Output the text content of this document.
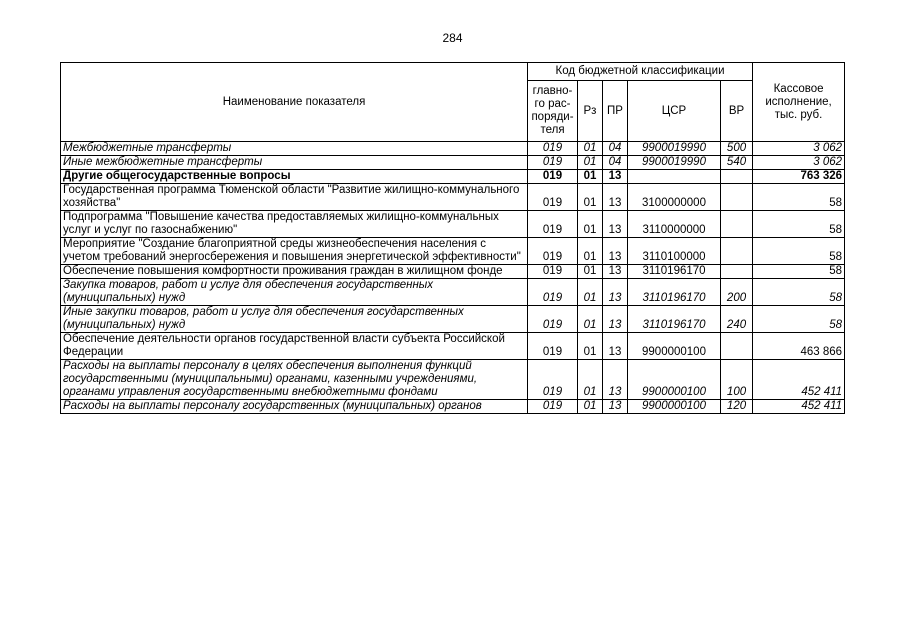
284
Наименование показателя	Код бюджетной классификации					Кассовое исполнение, тыс. руб.
	главно-го рас-поряди-теля	Рз	ПР	ЦСР	ВР	
Межбюджетные трансферты	019	01	04	9900019990	500	3 062
Иные межбюджетные трансферты	019	01	04	9900019990	540	3 062
Другие общегосударственные вопросы	019	01	13			763 326
Государственная программа Тюменской области "Развитие жилищно-коммунального хозяйства"	019	01	13	3100000000		58
Подпрограмма "Повышение качества предоставляемых жилищно-коммунальных услуг и услуг по газоснабжению"	019	01	13	3110000000		58
Мероприятие "Создание благоприятной среды жизнеобеспечения населения с учетом требований энергосбережения и повышения энергетической эффективности"	019	01	13	3110100000		58
Обеспечение повышения комфортности проживания граждан в жилищном фонде	019	01	13	3110196170		58
Закупка товаров, работ и услуг для обеспечения государственных (муниципальных) нужд	019	01	13	3110196170	200	58
Иные закупки товаров, работ и услуг для обеспечения государственных (муниципальных) нужд	019	01	13	3110196170	240	58
Обеспечение деятельности органов государственной власти субъекта Российской Федерации	019	01	13	9900000100		463 866
Расходы на выплаты персоналу в целях обеспечения выполнения функций государственными (муниципальными) органами, казенными учреждениями, органами управления государственными внебюджетными фондами	019	01	13	9900000100	100	452 411
Расходы на выплаты персоналу государственных (муниципальных) органов	019	01	13	9900000100	120	452 411
